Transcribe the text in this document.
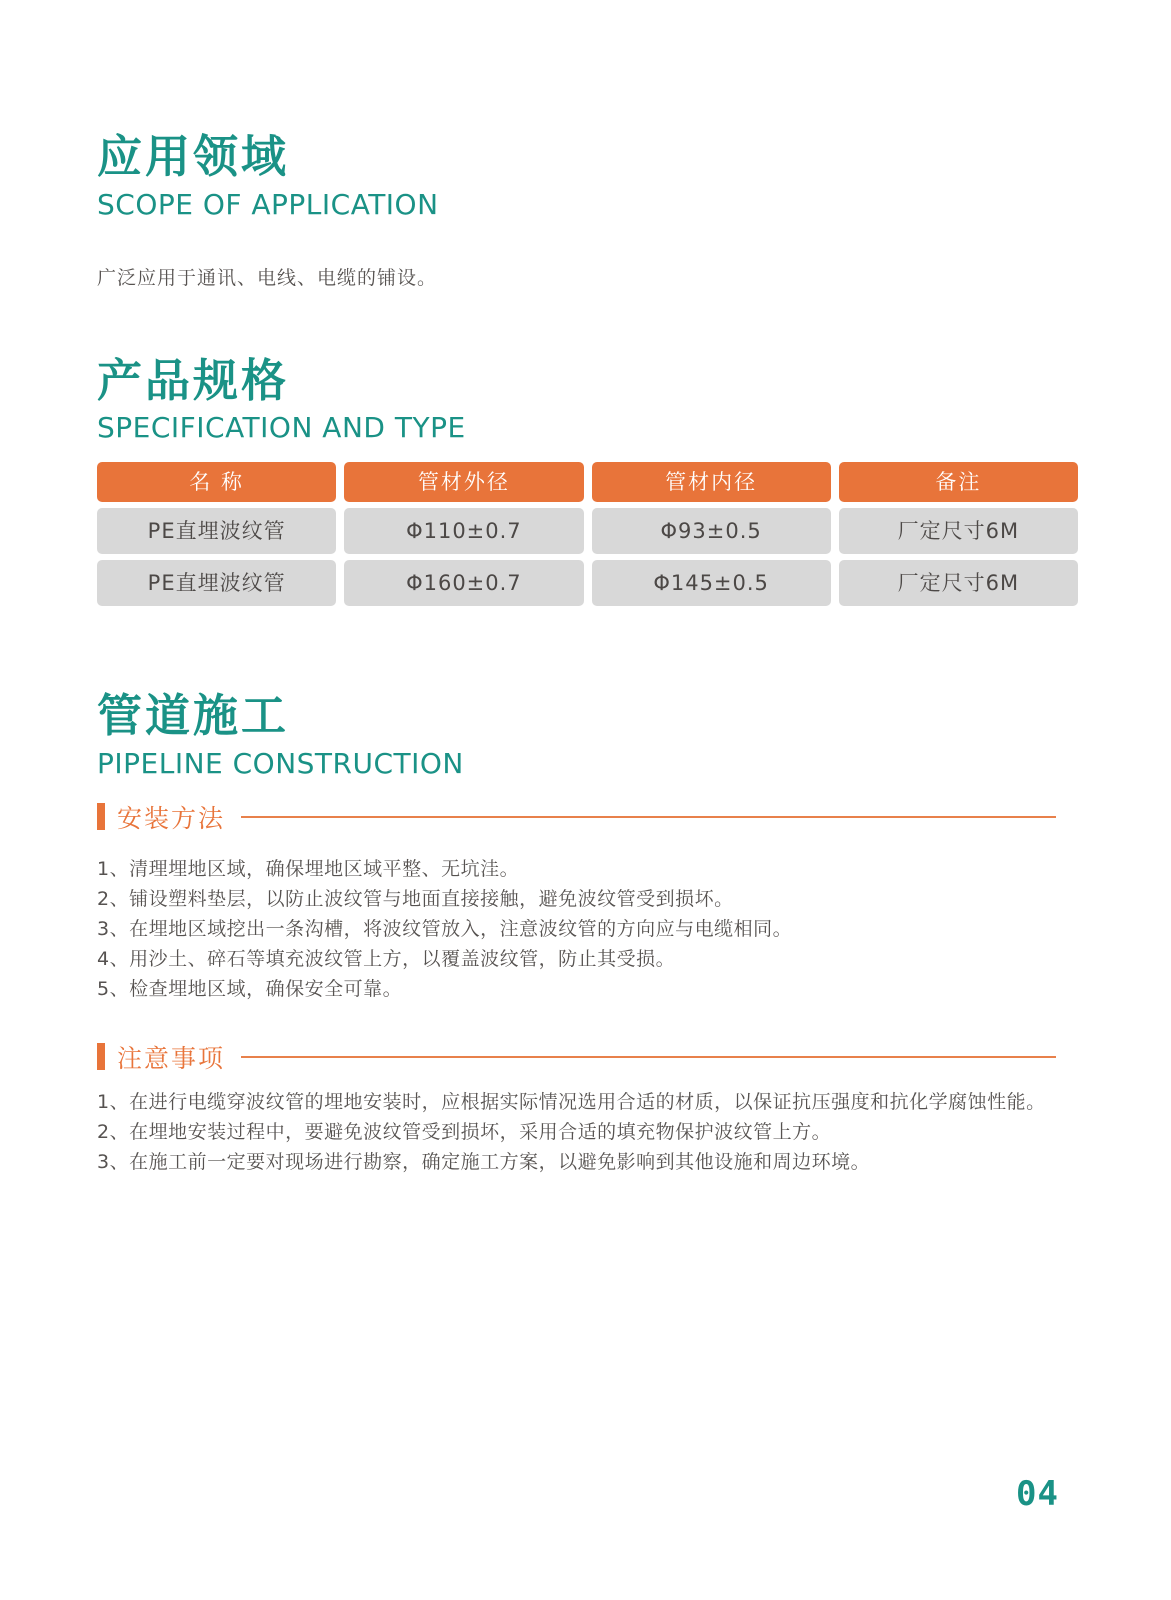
应用领域
SCOPE OF APPLICATION
广泛应用于通讯、电线、电缆的铺设。
产品规格
SPECIFICATION AND TYPE
名 称	管材外径	管材内径	备注
PE直埋波纹管	Φ110±0.7	Φ93±0.5	厂定尺寸6M
PE直埋波纹管	Φ160±0.7	Φ145±0.5	厂定尺寸6M
管道施工
PIPELINE CONSTRUCTION
安装方法
1、清理埋地区域，确保埋地区域平整、无坑洼。
2、铺设塑料垫层，以防止波纹管与地面直接接触，避免波纹管受到损坏。
3、在埋地区域挖出一条沟槽，将波纹管放入，注意波纹管的方向应与电缆相同。
4、用沙土、碎石等填充波纹管上方，以覆盖波纹管，防止其受损。
5、检查埋地区域，确保安全可靠。
注意事项
1、在进行电缆穿波纹管的埋地安装时，应根据实际情况选用合适的材质，以保证抗压强度和抗化学腐蚀性能。
2、在埋地安装过程中，要避免波纹管受到损坏，采用合适的填充物保护波纹管上方。
3、在施工前一定要对现场进行勘察，确定施工方案，以避免影响到其他设施和周边环境。
04
